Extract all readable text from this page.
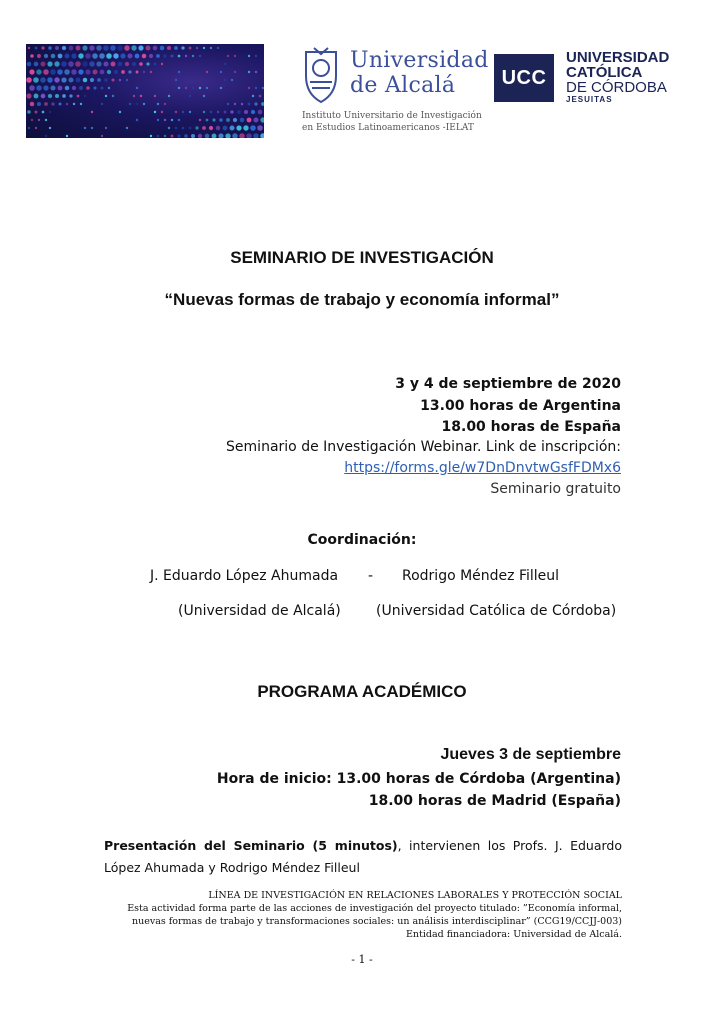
Universidad
de Alcalá
Instituto Universitario de Investigación
en Estudios Latinoamericanos -IELAT
UCC
UNIVERSIDAD
CATÓLICA
DE CÓRDOBA
JESUITAS
SEMINARIO DE INVESTIGACIÓN
“Nuevas formas de trabajo y economía informal”
3 y 4 de septiembre de 2020
13.00 horas de Argentina
18.00 horas de España
Seminario de Investigación Webinar. Link de inscripción:
https://forms.gle/w7DnDnvtwGsfFDMx6
Seminario gratuito
Coordinación:
J. Eduardo López Ahumada - Rodrigo Méndez Filleul
(Universidad de Alcalá)	(Universidad Católica de Córdoba)
PROGRAMA ACADÉMICO
Jueves 3 de septiembre
Hora de inicio: 13.00 horas de Córdoba (Argentina)
18.00 horas de Madrid (España)
Presentación del Seminario (5 minutos), intervienen los Profs. J. Eduardo López Ahumada y Rodrigo Méndez Filleul
LÍNEA DE INVESTIGACIÓN EN RELACIONES LABORALES Y PROTECCIÓN SOCIAL
Esta actividad forma parte de las acciones de investigación del proyecto titulado: ”Economía informal,
nuevas formas de trabajo y transformaciones sociales: un análisis interdisciplinar” (CCG19/CCJJ-003)
Entidad financiadora: Universidad de Alcalá.
- 1 -
